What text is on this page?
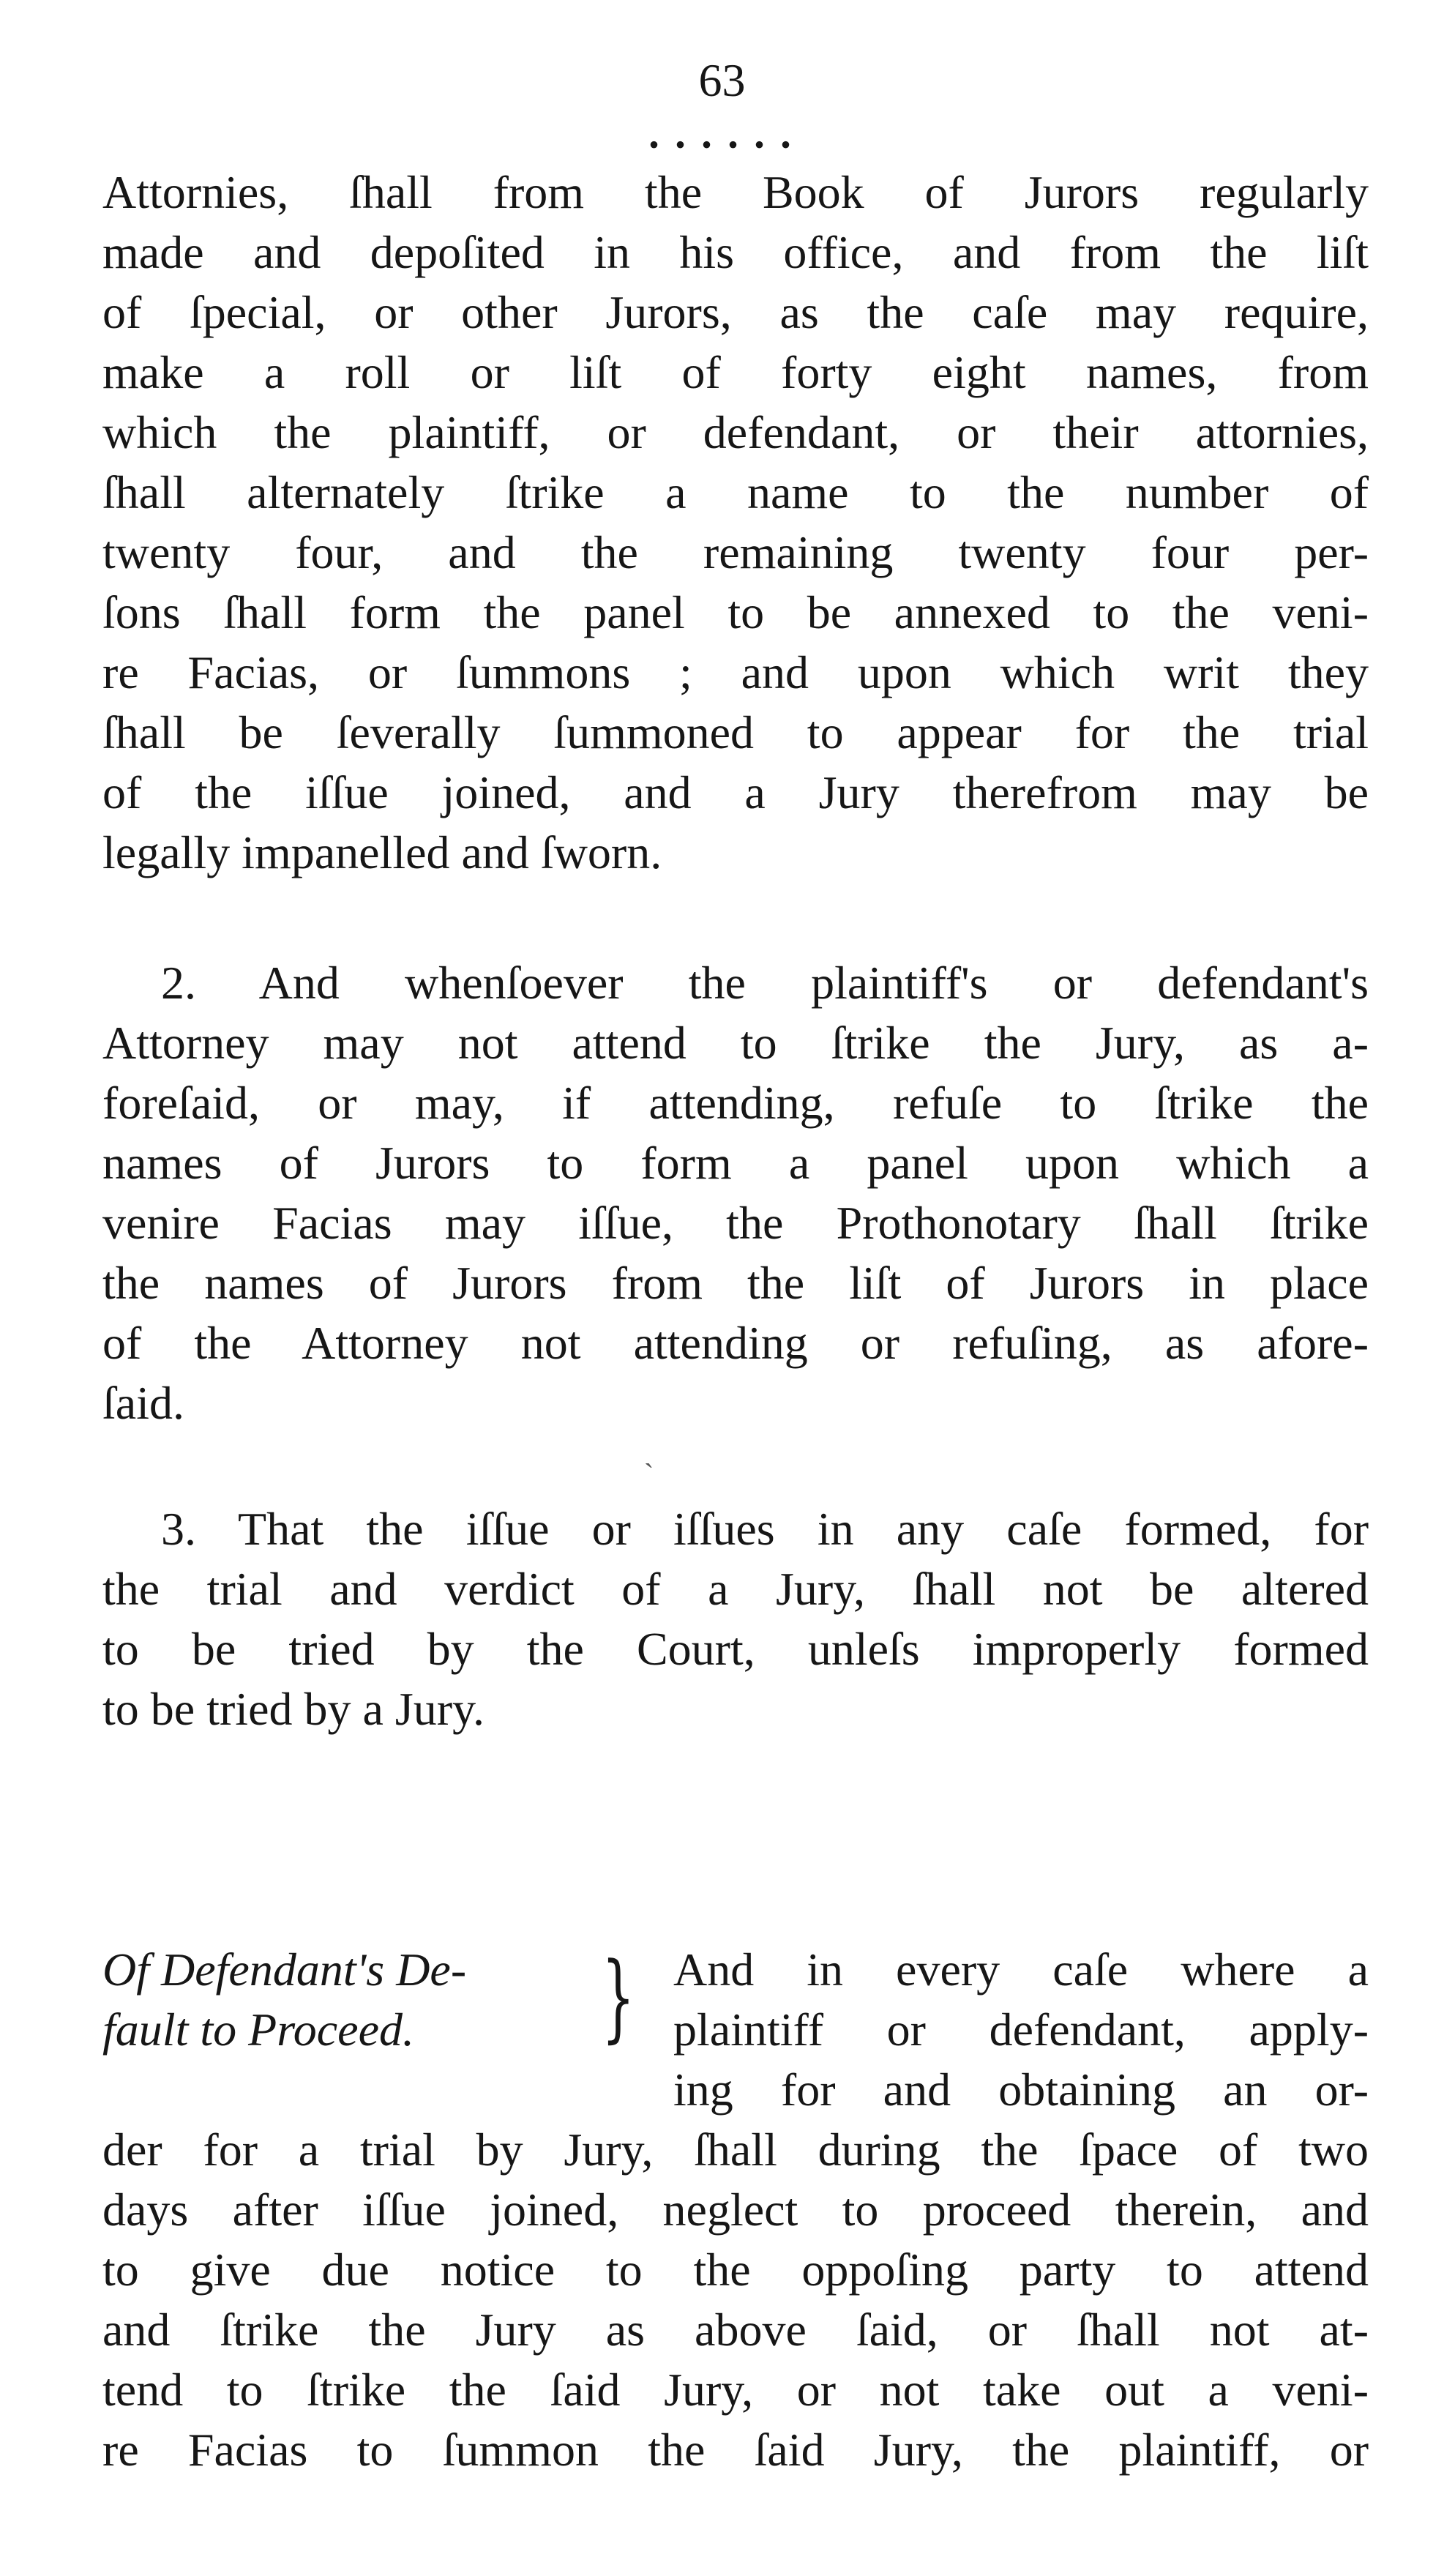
63
• • • • • •
Attornies, ſhall from the Book of Jurors regularly
made and depoſited in his office, and from the liſt
of ſpecial, or other Jurors, as the caſe may require,
make a roll or liſt of forty eight names, from
which the plaintiff, or defendant, or their attornies,
ſhall alternately ſtrike a name to the number of
twenty four, and the remaining twenty four per-
ſons ſhall form the panel to be annexed to the veni-
re Facias, or ſummons ; and upon which writ they
ſhall be ſeverally ſummoned to appear for the trial
of the iſſue joined, and a Jury therefrom may be
legally impanelled and ſworn.
2. And whenſoever the plaintiff's or defendant's
Attorney may not attend to ſtrike the Jury, as a-
foreſaid, or may, if attending, refuſe to ſtrike the
names of Jurors to form a panel upon which a
venire Facias may iſſue, the Prothonotary ſhall ſtrike
the names of Jurors from the liſt of Jurors in place
of the Attorney not attending or refuſing, as afore-
ſaid.
ˋ
3. That the iſſue or iſſues in any caſe formed, for
the trial and verdict of a Jury, ſhall not be altered
to be tried by the Court, unleſs improperly formed
to be tried by a Jury.
Of Defendant's De-
fault to Proceed.	} And in every caſe where a
plaintiff or defendant, apply-
ing for and obtaining an or-
der for a trial by Jury, ſhall during the ſpace of two
days after iſſue joined, neglect to proceed therein, and
to give due notice to the oppoſing party to attend
and ſtrike the Jury as above ſaid, or ſhall not at-
tend to ſtrike the ſaid Jury, or not take out a veni-
re Facias to ſummon the ſaid Jury, the plaintiff, or
